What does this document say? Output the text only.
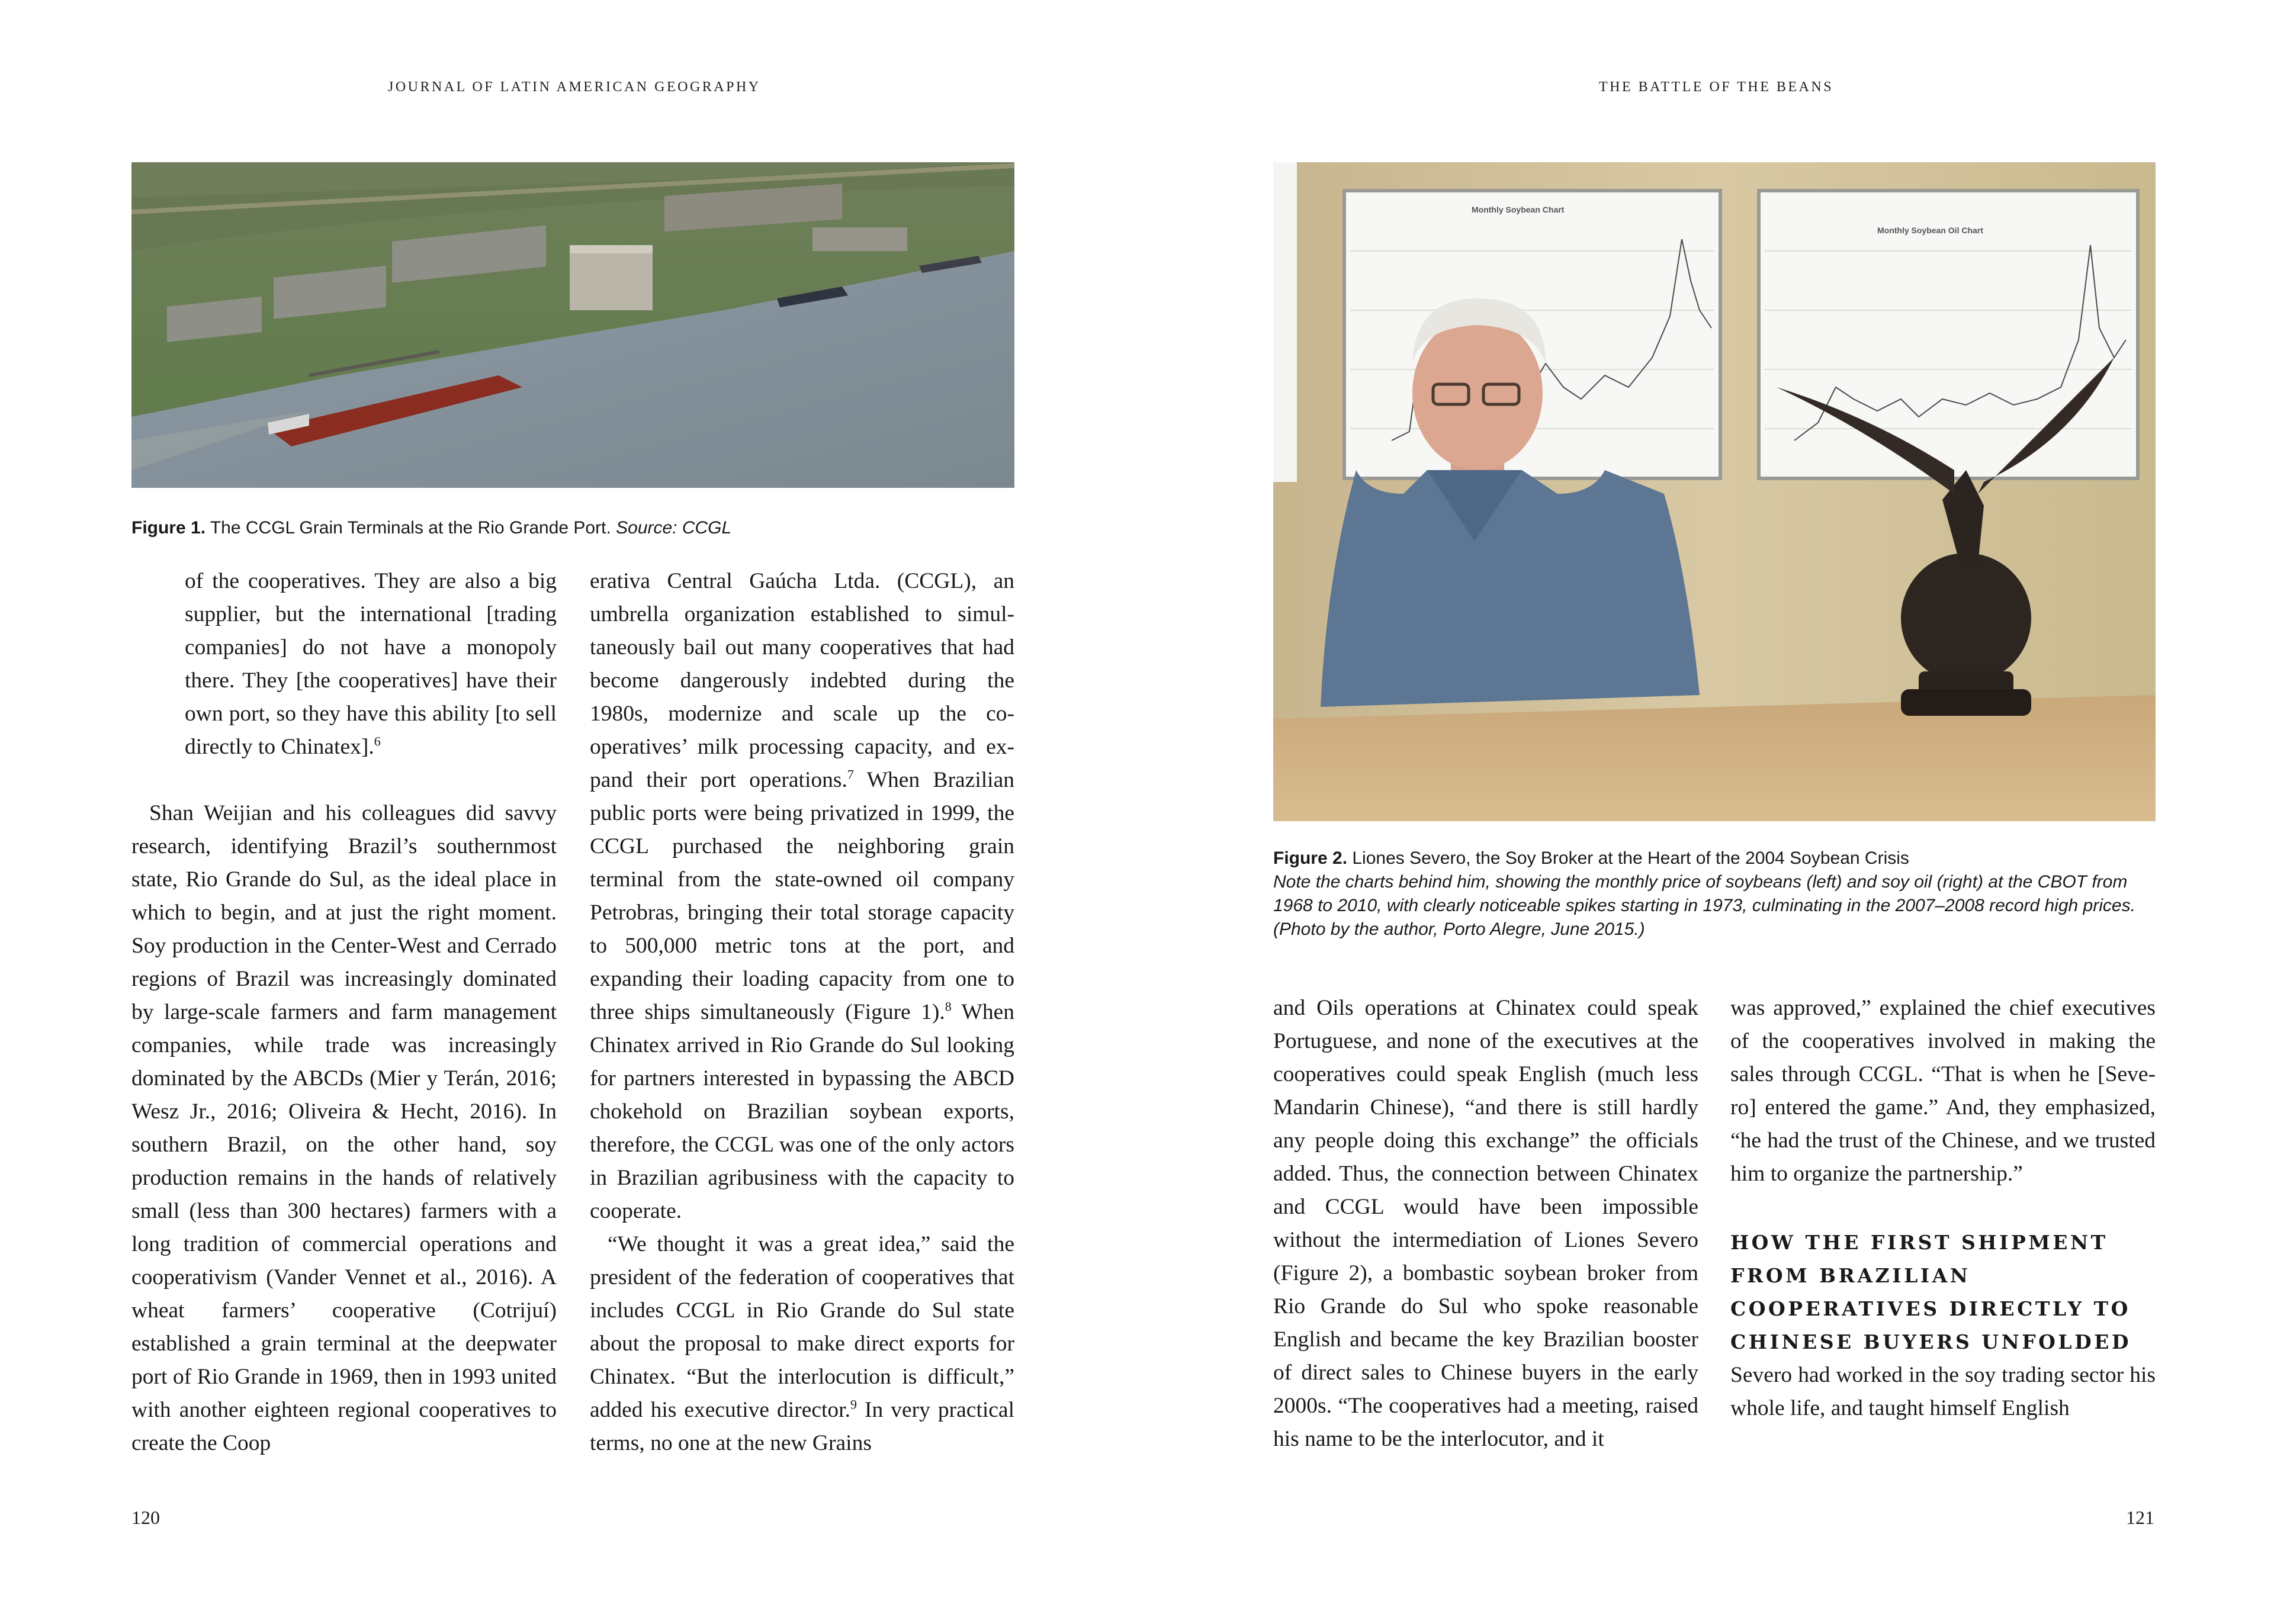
JOURNAL OF LATIN AMERICAN GEOGRAPHY
Figure 1. The CCGL Grain Terminals at the Rio Grande Port. Source: CCGL
of the cooperatives. They are also a big supplier, but the international [trading companies] do not have a monopoly there. They [the cooperatives] have their own port, so they have this ability [to sell directly to Chinatex].$^6$

Shan Weijian and his colleagues did savvy research, identifying Brazil’s southernmost state, Rio Grande do Sul, as the ideal place in which to begin, and at just the right moment. Soy production in the Center-West and Cerrado regions of Brazil was increasingly dominated by large-scale farmers and farm management companies, while trade was increasingly dominated by the ABCDs (Mier y Terán, 2016; Wesz Jr., 2016; Oliveira & Hecht, 2016). In southern Brazil, on the other hand, soy production remains in the hands of relatively small (less than 300 hectares) farmers with a long tradition of commercial operations and cooperativism (Vander Vennet et al., 2016). A wheat farmers’ cooperative (Cotrijuí) established a grain terminal at the deepwater port of Rio Grande in 1969, then in 1993 united with another eighteen regional cooperatives to create the Coop

erativa Central Gaúcha Ltda. (CCGL), an umbrella organization established to simultaneously bail out many cooperatives that had become dangerously indebted during the 1980s, modernize and scale up the cooperatives’ milk processing capacity, and expand their port operations.$^7$ When Brazilian public ports were being privatized in 1999, the CCGL purchased the neighboring grain terminal from the state-owned oil company Petrobras, bringing their total storage capacity to 500,000 metric tons at the port, and expanding their loading capacity from one to three ships simultaneously (Figure 1).$^8$ When Chinatex arrived in Rio Grande do Sul looking for partners interested in bypassing the ABCD chokehold on Brazilian soybean exports, therefore, the CCGL was one of the only actors in Brazilian agribusiness with the capacity to cooperate.

“We thought it was a great idea,” said the president of the federation of cooperatives that includes CCGL in Rio Grande do Sul state about the proposal to make direct exports for Chinatex. “But the interlocution is difficult,” added his executive director.$^9$ In very practical terms, no one at the new Grains

120
THE BATTLE OF THE BEANS
Monthly Soybean Chart
Monthly Soybean Oil Chart
Figure 2. Liones Severo, the Soy Broker at the Heart of the 2004 Soybean Crisis
Note the charts behind him, showing the monthly price of soybeans (left) and soy oil (right) at the CBOT from 1968 to 2010, with clearly noticeable spikes starting in 1973, culminating in the 2007–2008 record high prices. (Photo by the author, Porto Alegre, June 2015.)

and Oils operations at Chinatex could speak Portuguese, and none of the executives at the cooperatives could speak English (much less Mandarin Chinese), “and there is still hardly any people doing this exchange” the officials added. Thus, the connection between Chinatex and CCGL would have been impossible without the intermediation of Liones Severo (Figure 2), a bombastic soybean broker from Rio Grande do Sul who spoke reasonable English and became the key Brazilian booster of direct sales to Chinese buyers in the early 2000s. “The cooperatives had a meeting, raised his name to be the interlocutor, and it

was approved,” explained the chief executives of the cooperatives involved in making the sales through CCGL. “That is when he [Severo] entered the game.” And, they emphasized, “he had the trust of the Chinese, and we trusted him to organize the partnership.”

HOW THE FIRST SHIPMENT FROM BRAZILIAN COOPERATIVES DIRECTLY TO CHINESE BUYERS UNFOLDED

Severo had worked in the soy trading sector his whole life, and taught himself English

121
